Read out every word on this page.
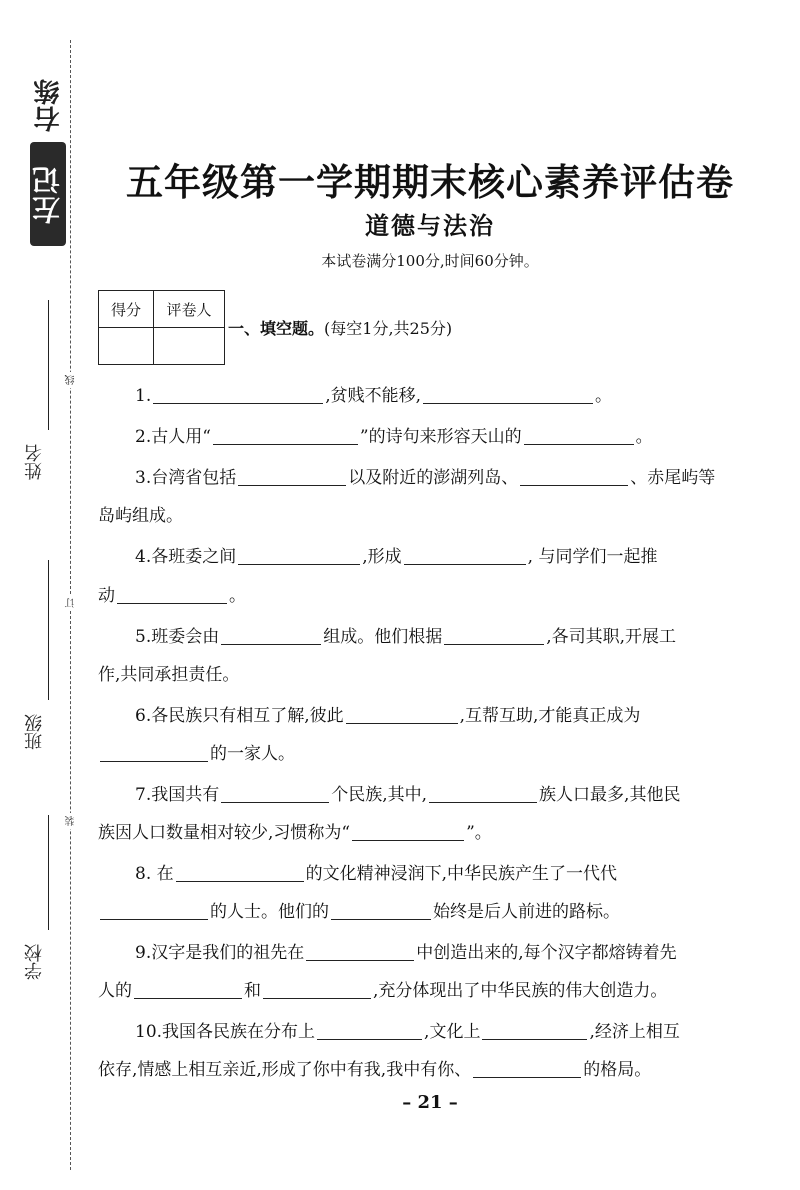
右练
左记
姓名
班级
学校
线
订
装
五年级第一学期期末核心素养评估卷
道德与法治
本试卷满分100分,时间60分钟。
得分	评卷人

一、填空题。(每空1分,共25分)
1.	,贫贱不能移,	。
2.古人用“	”的诗句来形容天山的	。
3.台湾省包括	以及附近的澎湖列岛、	、赤尾屿等
岛屿组成。
4.各班委之间	,形成	, 与同学们一起推
动	。
5.班委会由	组成。他们根据	,各司其职,开展工
作,共同承担责任。
6.各民族只有相互了解,彼此	,互帮互助,才能真正成为
的一家人。
7.我国共有	个民族,其中,	族人口最多,其他民
族因人口数量相对较少,习惯称为“	”。
8. 在	的文化精神浸润下,中华民族产生了一代代
的人士。他们的	始终是后人前进的路标。
9.汉字是我们的祖先在	中创造出来的,每个汉字都熔铸着先
人的	和	,充分体现出了中华民族的伟大创造力。
10.我国各民族在分布上	,文化上	,经济上相互
依存,情感上相互亲近,形成了你中有我,我中有你、	的格局。
– 21 –
